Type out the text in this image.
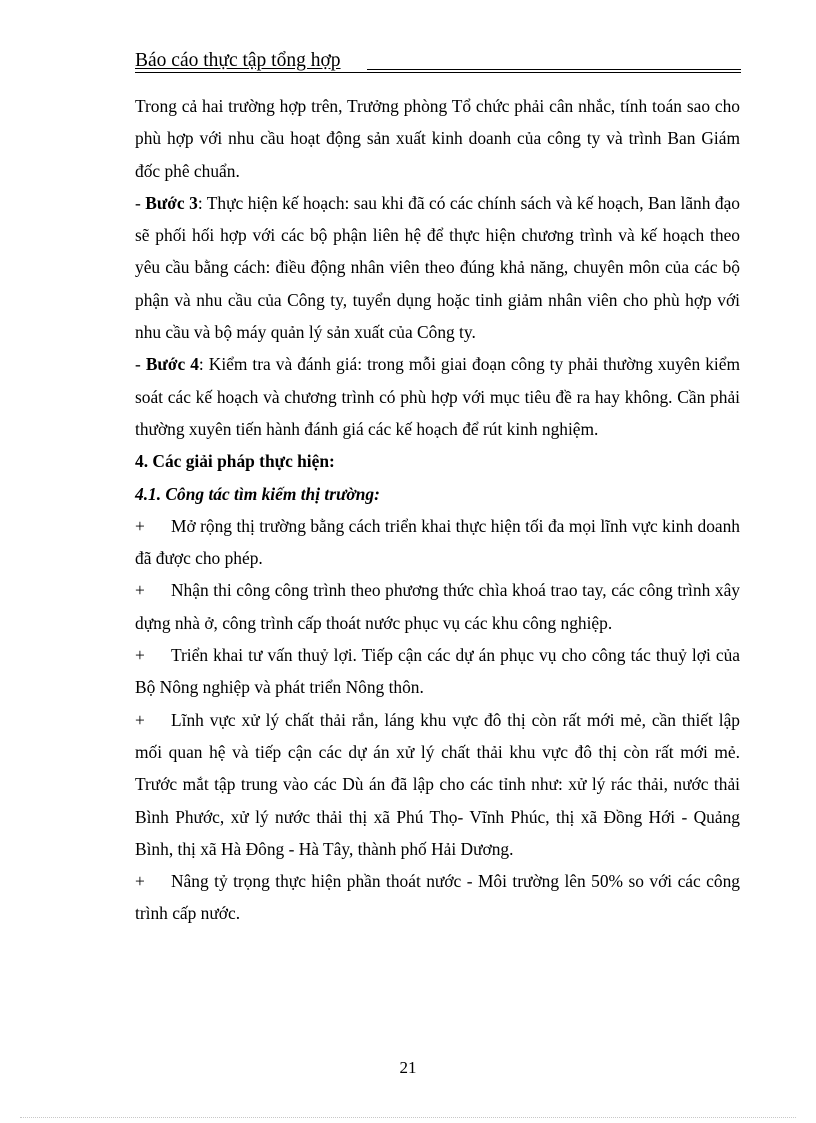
Báo cáo thực tập tổng hợp

Trong cả hai trường hợp trên, Trưởng phòng Tổ chức phải cân nhắc, tính toán sao cho phù hợp với nhu cầu hoạt động sản xuất kinh doanh của công ty và trình Ban Giám đốc phê chuẩn.

- Bước 3: Thực hiện kế hoạch: sau khi đã có các chính sách và kế hoạch, Ban lãnh đạo sẽ phối hối hợp với các bộ phận liên hệ để thực hiện chương trình và kế hoạch theo yêu cầu bằng cách: điều động nhân viên theo đúng khả năng, chuyên môn của các bộ phận và nhu cầu của Công ty, tuyển dụng hoặc tinh giảm nhân viên cho phù hợp với nhu cầu và bộ máy quản lý sản xuất của Công ty.

- Bước 4: Kiểm tra và đánh giá: trong mỗi giai đoạn công ty phải thường xuyên kiểm soát các kế hoạch và chương trình có phù hợp với mục tiêu đề ra hay không. Cần phải thường xuyên tiến hành đánh giá các kế hoạch để rút kinh nghiệm.

4. Các giải pháp thực hiện:

4.1. Công tác tìm kiếm thị trường:

+ Mở rộng thị trường bằng cách triển khai thực hiện tối đa mọi lĩnh vực kinh doanh đã được cho phép.

+ Nhận thi công công trình theo phương thức chìa khoá trao tay, các công trình xây dựng nhà ở, công trình cấp thoát nước phục vụ các khu công nghiệp.

+ Triển khai tư vấn thuỷ lợi. Tiếp cận các dự án phục vụ cho công tác thuỷ lợi của Bộ Nông nghiệp và phát triển Nông thôn.

+ Lĩnh vực xử lý chất thải rắn, láng khu vực đô thị còn rất mới mẻ, cần thiết lập mối quan hệ và tiếp cận các dự án xử lý chất thải khu vực đô thị còn rất mới mẻ. Trước mắt tập trung vào các Dù án đã lập cho các tỉnh như: xử lý rác thải, nước thải Bình Phước, xử lý nước thải thị xã Phú Thọ- Vĩnh Phúc, thị xã Đồng Hới - Quảng Bình, thị xã Hà Đông - Hà Tây, thành phố Hải Dương.

+ Nâng tỷ trọng thực hiện phần thoát nước - Môi trường lên 50% so với các công trình cấp nước.

21
